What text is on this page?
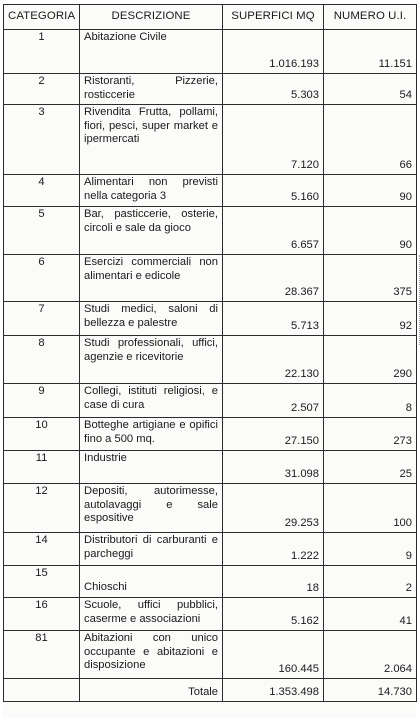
CATEGORIA	DESCRIZIONE	SUPERFICI MQ	NUMERO U.I.
1	Abitazione Civile	1.016.193	11.151
2	Ristoranti, Pizzerie, rosticcerie	5.303	54
3	Rivendita Frutta, pollami, fiori, pesci, super market e ipermercati	7.120	66
4	Alimentari non previsti nella categoria 3	5.160	90
5	Bar, pasticcerie, osterie, circoli e sale da gioco	6.657	90
6	Esercizi commerciali non alimentari e edicole	28.367	375
7	Studi medici, saloni di bellezza e palestre	5.713	92
8	Studi professionali, uffici, agenzie e ricevitorie	22.130	290
9	Collegi, istituti religiosi, e case di cura	2.507	8
10	Botteghe artigiane e opifici fino a 500 mq.	27.150	273
11	Industrie	31.098	25
12	Depositi, autorimesse, autolavaggi e sale espositive	29.253	100
14	Distributori di carburanti e parcheggi	1.222	9
15	Chioschi	18	2
16	Scuole, uffici pubblici, caserme e associazioni	5.162	41
81	Abitazioni con unico occupante e abitazioni e disposizione	160.445	2.064
	Totale	1.353.498	14.730
